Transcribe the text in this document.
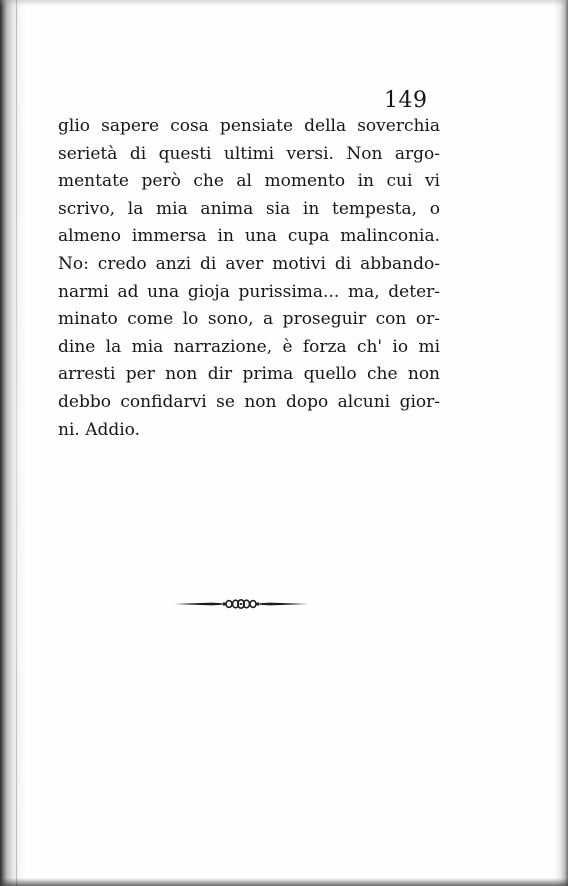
149
glio sapere cosa pensiate della soverchia
serietà di questi ultimi versi. Non argo-
mentate però che al momento in cui vi
scrivo, la mia anima sia in tempesta, o
almeno immersa in una cupa malinconia.
No: credo anzi di aver motivi di abbando-
narmi ad una gioja purissima... ma, deter-
minato come lo sono, a proseguir con or-
dine la mia narrazione, è forza ch' io mi
arresti per non dir prima quello che non
debbo confidarvi se non dopo alcuni gior-
ni. Addio.
